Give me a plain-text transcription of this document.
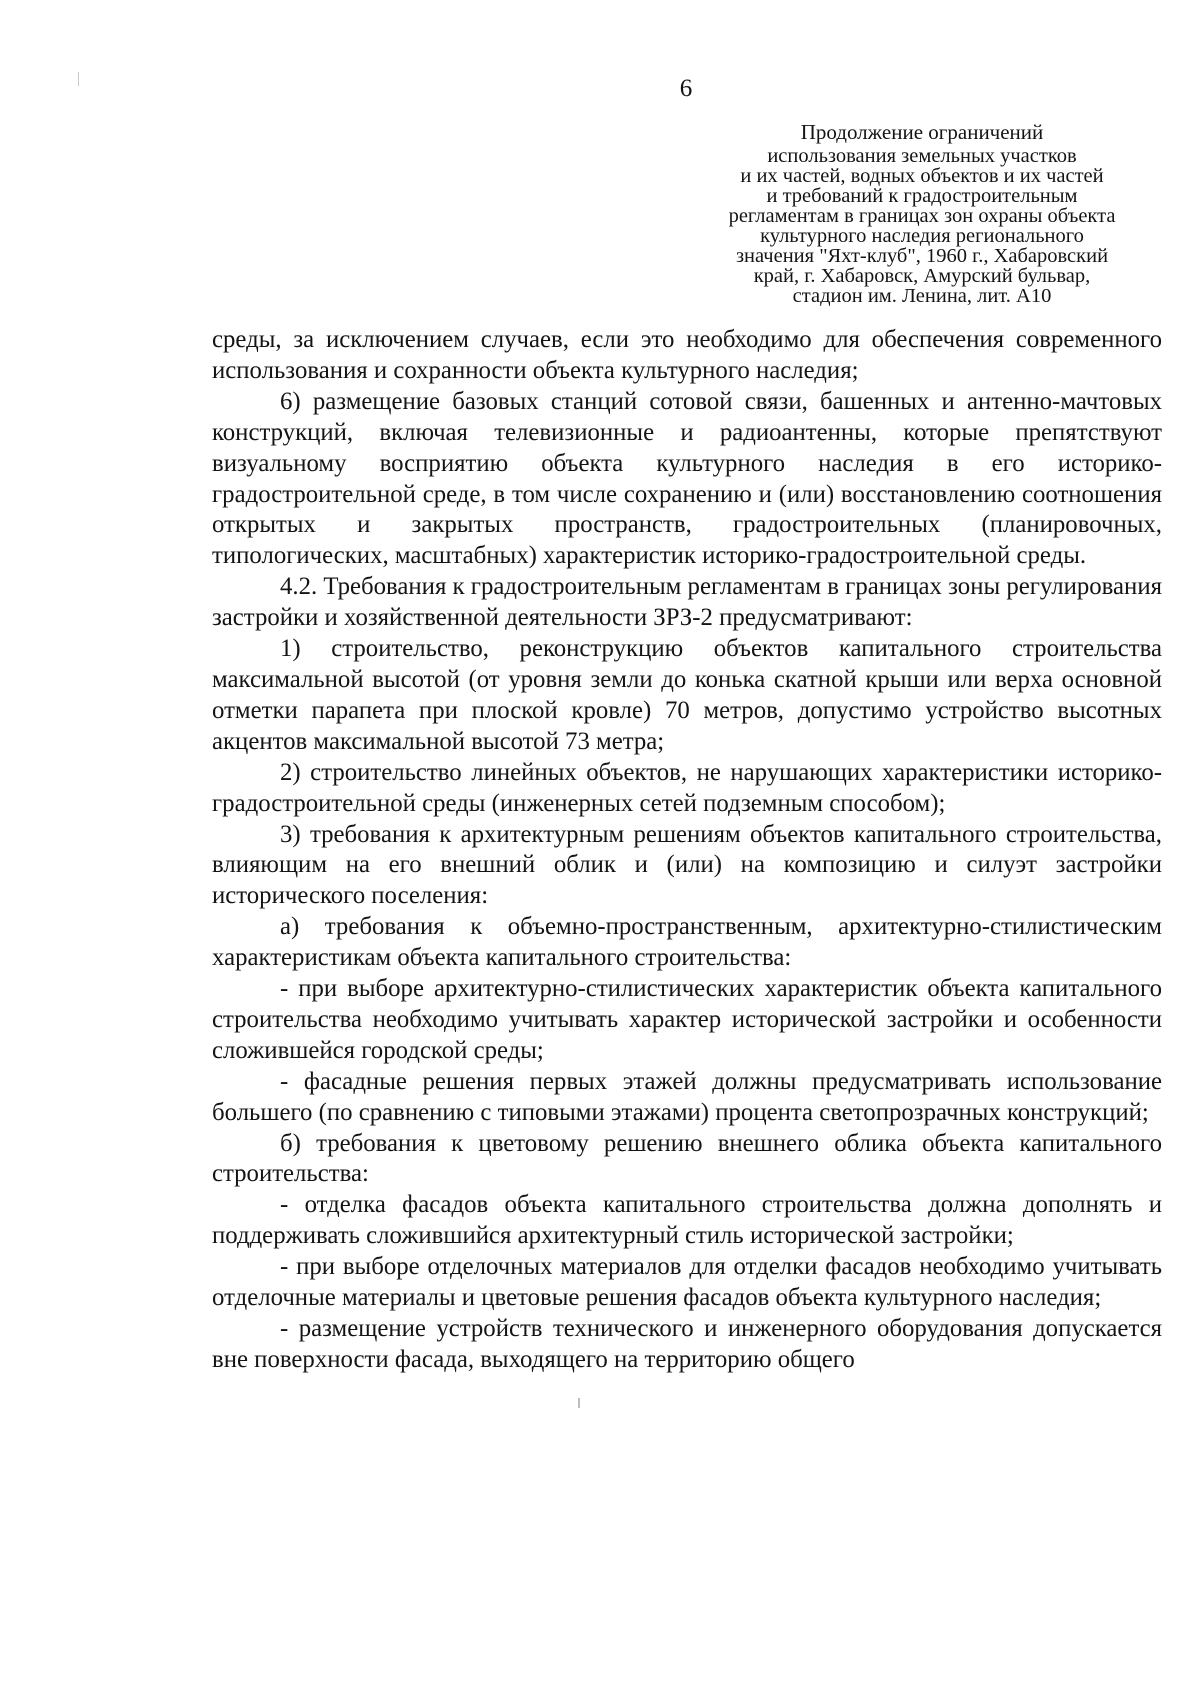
6
Продолжение ограничений
использования земельных участков
и их частей, водных объектов и их частей
и требований к градостроительным
регламентам в границах зон охраны объекта
культурного наследия регионального
значения "Яхт-клуб", 1960 г., Хабаровский
край, г. Хабаровск, Амурский бульвар,
стадион им. Ленина, лит. А10

среды, за исключением случаев, если это необходимо для обеспечения современного использования и сохранности объекта культурного наследия;

6) размещение базовых станций сотовой связи, башенных и антенно-мачтовых конструкций, включая телевизионные и радиоантенны, которые препятствуют визуальному восприятию объекта культурного наследия в его историко-градостроительной среде, в том числе сохранению и (или) восстановлению соотношения открытых и закрытых пространств, градостроительных (планировочных, типологических, масштабных) характеристик историко-градостроительной среды.

4.2. Требования к градостроительным регламентам в границах зоны регулирования застройки и хозяйственной деятельности ЗРЗ-2 предусматривают:

1) строительство, реконструкцию объектов капитального строительства максимальной высотой (от уровня земли до конька скатной крыши или верха основной отметки парапета при плоской кровле) 70 метров, допустимо устройство высотных акцентов максимальной высотой 73 метра;

2) строительство линейных объектов, не нарушающих характеристики историко-градостроительной среды (инженерных сетей подземным способом);

3) требования к архитектурным решениям объектов капитального строительства, влияющим на его внешний облик и (или) на композицию и силуэт застройки исторического поселения:

а) требования к объемно-пространственным, архитектурно-стилистическим характеристикам объекта капитального строительства:

- при выборе архитектурно-стилистических характеристик объекта капитального строительства необходимо учитывать характер исторической застройки и особенности сложившейся городской среды;

- фасадные решения первых этажей должны предусматривать использование большего (по сравнению с типовыми этажами) процента светопрозрачных конструкций;

б) требования к цветовому решению внешнего облика объекта капитального строительства:

- отделка фасадов объекта капитального строительства должна дополнять и поддерживать сложившийся архитектурный стиль исторической застройки;

- при выборе отделочных материалов для отделки фасадов необходимо учитывать отделочные материалы и цветовые решения фасадов объекта культурного наследия;

- размещение устройств технического и инженерного оборудования допускается вне поверхности фасада, выходящего на территорию общего
